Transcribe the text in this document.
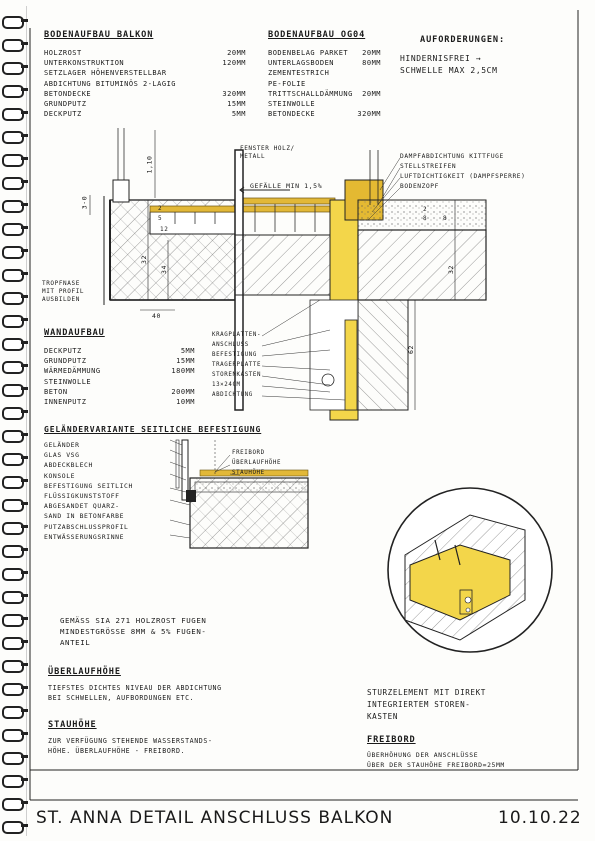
BODENAUFBAU BALKON
HOLZROST	20MM
UNTERKONSTRUKTION	120MM
SETZLAGER HÖHENVERSTELLBAR
ABDICHTUNG BITUMINÖS 2-LAGIG
BETONDECKE	320MM
GRUNDPUTZ	15MM
DECKPUTZ	5MM
BODENAUFBAU OG04	AUFORDERUNGEN:
BODENBELAG PARKET	20MM
UNTERLAGSBODEN	80MM
ZEMENTESTRICH
PE-FOLIE
TRITTSCHALLDÄMMUNG	20MM
STEINWOLLE
BETONDECKE	320MM
HINDERNISFREI →
SCHWELLE MAX 2,5CM
FENSTER HOLZ/
METALL
GEFÄLLE MIN 1,5%
1,10
32
34	32
62
40
3-0
5
2
12
2
8	8
TROPFNASE
MIT PROFIL
AUSBILDEN
DAMPFABDICHTUNG KITTFUGE
STELLSTREIFEN
LUFTDICHTIGKEIT (DAMPFSPERRE)
BODENZOPF
KRAGPLATTEN-
ANSCHLUSS
BEFESTIGUNG
TRAGERPLATTE
STORENKASTEN
13×24CM
ABDICHTUNG
WANDAUFBAU
DECKPUTZ	5MM
GRUNDPUTZ	15MM
WÄRMEDÄMMUNG	180MM
STEINWOLLE
BETON	200MM
INNENPUTZ	10MM
GELÄNDERVARIANTE SEITLICHE BEFESTIGUNG
GELÄNDER
GLAS VSG
ABDECKBLECH
KONSOLE
BEFESTIGUNG SEITLICH
FLÜSSIGKUNSTSTOFF
ABGESANDET QUARZ-
SAND IN BETONFARBE
PUTZABSCHLUSSPROFIL
ENTWÄSSERUNGSRINNE
FREIBORD
ÜBERLAUFHÖHE
STAUHÖHE
GEMÄSS SIA 271 HOLZROST FUGEN
MINDESTGRÖSSE 8MM & 5% FUGEN-
ANTEIL
ÜBERLAUFHÖHE
TIEFSTES DICHTES NIVEAU DER ABDICHTUNG
BEI SCHWELLEN, AUFBORDUNGEN ETC.
STAUHÖHE
ZUR VERFÜGUNG STEHENDE WASSERSTANDS-
HÖHE. ÜBERLAUFHÖHE - FREIBORD.
STURZELEMENT MIT DIREKT
INTEGRIERTEM STOREN-
KASTEN
FREIBORD
ÜBERHÖHUNG DER ANSCHLÜSSE
ÜBER DER STAUHÖHE FREIBORD=25MM
ST. ANNA DETAIL ANSCHLUSS BALKON	10.10.22
